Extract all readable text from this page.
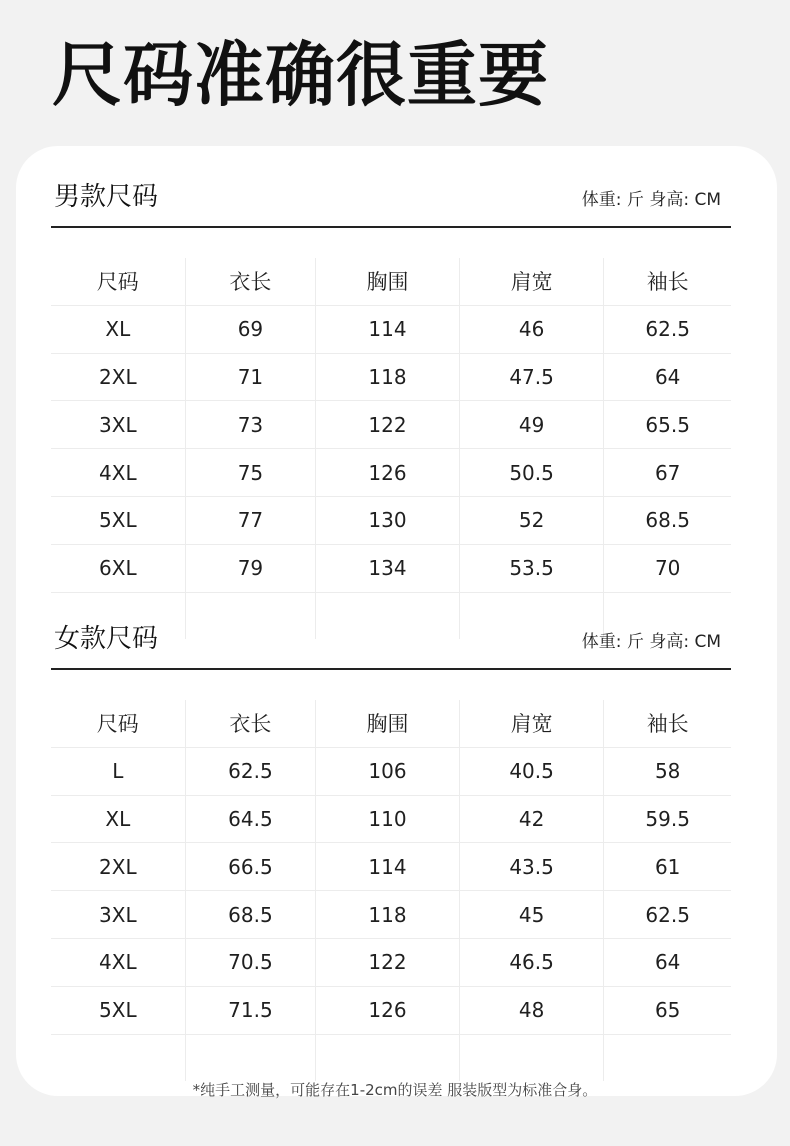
尺码准确很重要
男款尺码	体重: 斤 身高: CM
尺码	衣长	胸围	肩宽	袖长
XL	69	114	46	62.5
2XL	71	118	47.5	64
3XL	73	122	49	65.5
4XL	75	126	50.5	67
5XL	77	130	52	68.5
6XL	79	134	53.5	70
女款尺码	体重: 斤 身高: CM
尺码	衣长	胸围	肩宽	袖长
L	62.5	106	40.5	58
XL	64.5	110	42	59.5
2XL	66.5	114	43.5	61
3XL	68.5	118	45	62.5
4XL	70.5	122	46.5	64
5XL	71.5	126	48	65
*纯手工测量，可能存在1-2cm的误差 服装版型为标准合身。
